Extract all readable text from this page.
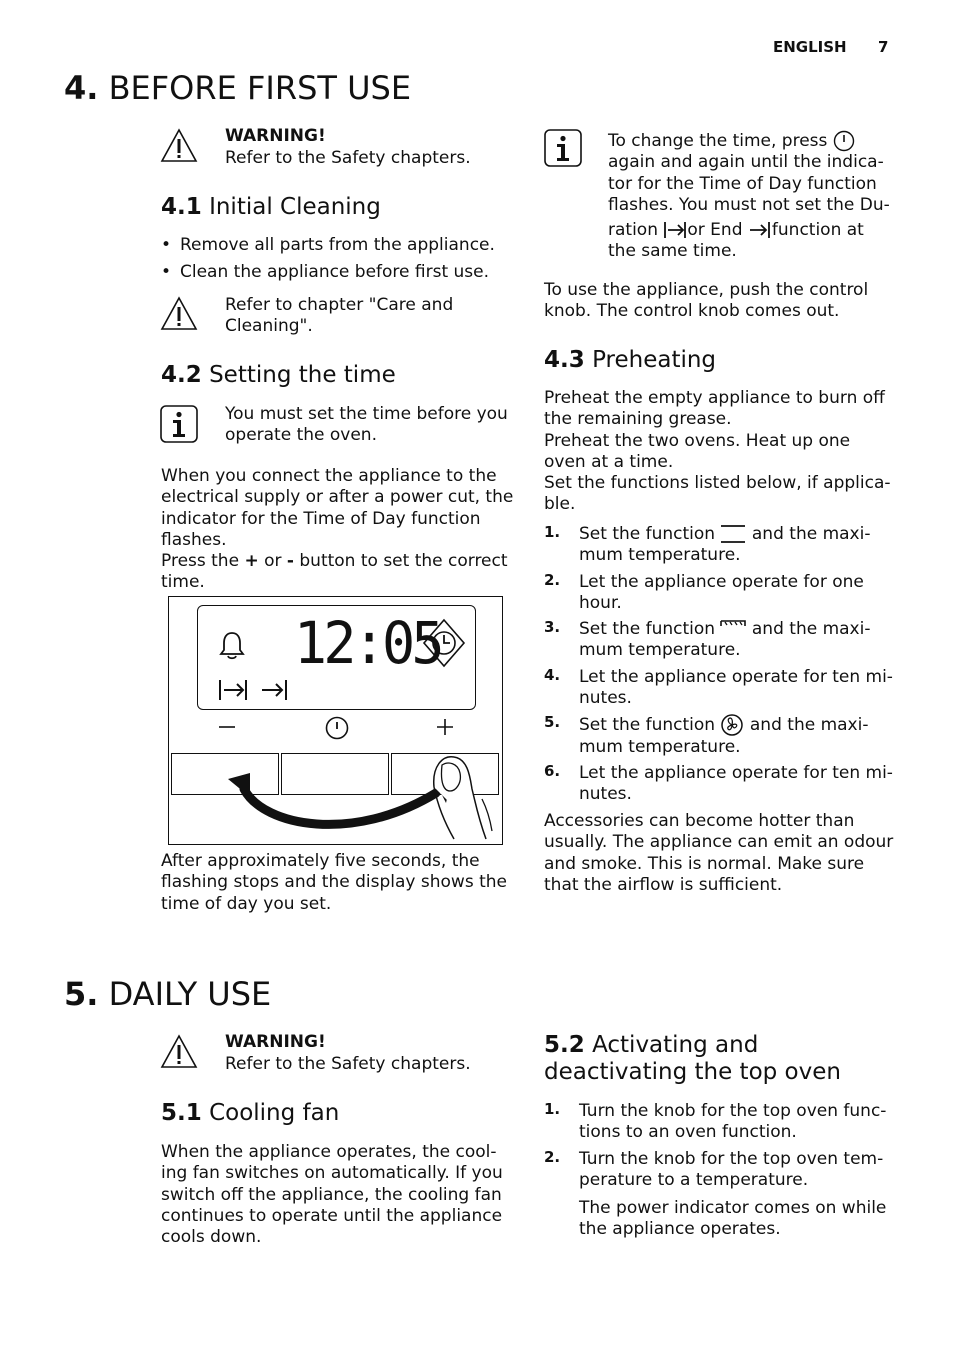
ENGLISH 7
4. BEFORE FIRST USE
WARNING!
Refer to the Safety chapters.
4.1 Initial Cleaning
• Remove all parts from the appliance.
• Clean the appliance before first use.
Refer to chapter "Care and
Cleaning".
4.2 Setting the time
You must set the time before you
operate the oven.
When you connect the appliance to the
electrical supply or after a power cut, the
indicator for the Time of Day function
flashes.
Press the + or - button to set the correct
time.
12:05
After approximately five seconds, the
flashing stops and the display shows the
time of day you set.
To change the time, press
again and again until the indica-
tor for the Time of Day function
flashes. You must not set the Du-
ration or End function at
the same time.
To use the appliance, push the control
knob. The control knob comes out.
4.3 Preheating
Preheat the empty appliance to burn off
the remaining grease.
Preheat the two ovens. Heat up one
oven at a time.
Set the functions listed below, if applica-
ble.
1. Set the function and the maxi-
mum temperature.
2. Let the appliance operate for one
hour.
3. Set the function and the maxi-
mum temperature.
4. Let the appliance operate for ten mi-
nutes.
5. Set the function and the maxi-
mum temperature.
6. Let the appliance operate for ten mi-
nutes.
Accessories can become hotter than
usually. The appliance can emit an odour
and smoke. This is normal. Make sure
that the airflow is sufficient.
5. DAILY USE
WARNING!
Refer to the Safety chapters.
5.1 Cooling fan
When the appliance operates, the cool-
ing fan switches on automatically. If you
switch off the appliance, the cooling fan
continues to operate until the appliance
cools down.
5.2 Activating and
deactivating the top oven
1. Turn the knob for the top oven func-
tions to an oven function.
2. Turn the knob for the top oven tem-
perature to a temperature.
The power indicator comes on while
the appliance operates.
